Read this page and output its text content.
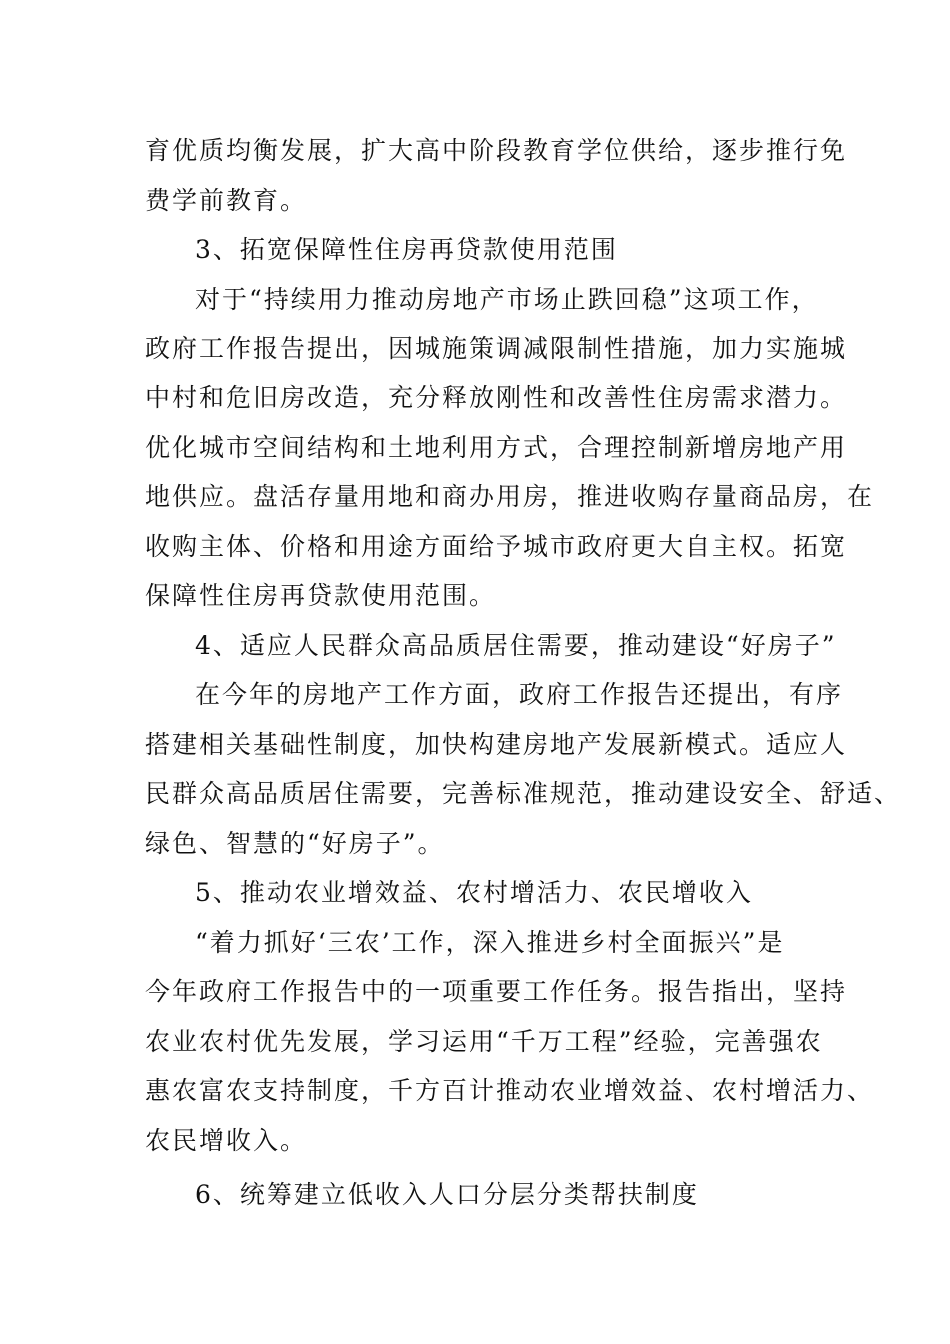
育优质均衡发展，扩大高中阶段教育学位供给，逐步推行免
费学前教育。
3、拓宽保障性住房再贷款使用范围
对于“持续用力推动房地产市场止跌回稳”这项工作，
政府工作报告提出，因城施策调减限制性措施，加力实施城
中村和危旧房改造，充分释放刚性和改善性住房需求潜力。
优化城市空间结构和土地利用方式，合理控制新增房地产用
地供应。盘活存量用地和商办用房，推进收购存量商品房，在
收购主体、价格和用途方面给予城市政府更大自主权。拓宽
保障性住房再贷款使用范围。
4、适应人民群众高品质居住需要，推动建设“好房子”
在今年的房地产工作方面，政府工作报告还提出，有序
搭建相关基础性制度，加快构建房地产发展新模式。适应人
民群众高品质居住需要，完善标准规范，推动建设安全、舒适、
绿色、智慧的“好房子”。
5、推动农业增效益、农村增活力、农民增收入
“着力抓好‘三农’工作，深入推进乡村全面振兴”是
今年政府工作报告中的一项重要工作任务。报告指出，坚持
农业农村优先发展，学习运用“千万工程”经验，完善强农
惠农富农支持制度，千方百计推动农业增效益、农村增活力、
农民增收入。
6、统筹建立低收入人口分层分类帮扶制度
